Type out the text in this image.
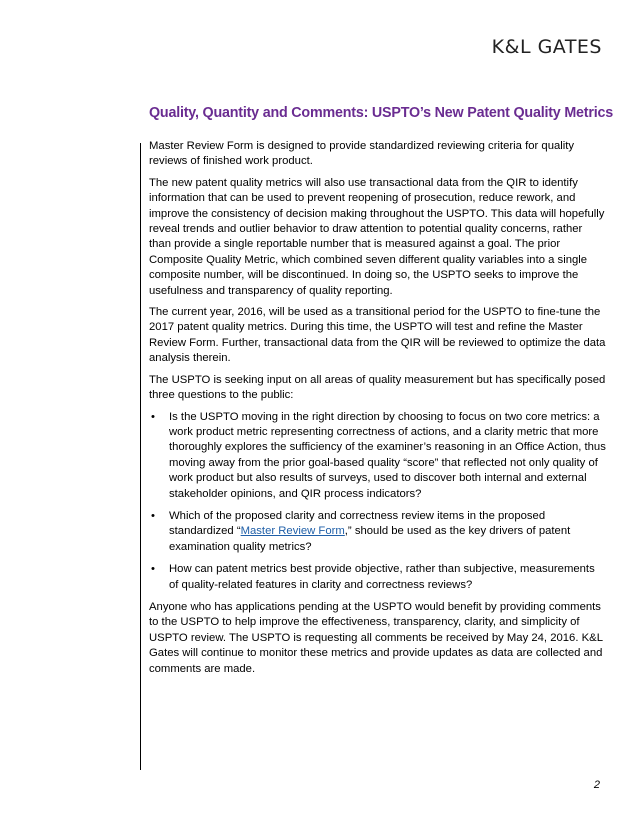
K&L GATES
Quality, Quantity and Comments: USPTO’s New Patent Quality Metrics

Master Review Form is designed to provide standardized reviewing criteria for quality reviews of finished work product.

The new patent quality metrics will also use transactional data from the QIR to identify information that can be used to prevent reopening of prosecution, reduce rework, and improve the consistency of decision making throughout the USPTO. This data will hopefully reveal trends and outlier behavior to draw attention to potential quality concerns, rather than provide a single reportable number that is measured against a goal. The prior Composite Quality Metric, which combined seven different quality variables into a single composite number, will be discontinued. In doing so, the USPTO seeks to improve the usefulness and transparency of quality reporting.

The current year, 2016, will be used as a transitional period for the USPTO to fine-tune the 2017 patent quality metrics. During this time, the USPTO will test and refine the Master Review Form. Further, transactional data from the QIR will be reviewed to optimize the data analysis therein.

The USPTO is seeking input on all areas of quality measurement but has specifically posed three questions to the public:

• Is the USPTO moving in the right direction by choosing to focus on two core metrics: a work product metric representing correctness of actions, and a clarity metric that more thoroughly explores the sufficiency of the examiner’s reasoning in an Office Action, thus moving away from the prior goal-based quality “score” that reflected not only quality of work product but also results of surveys, used to discover both internal and external stakeholder opinions, and QIR process indicators?
• Which of the proposed clarity and correctness review items in the proposed standardized “Master Review Form,” should be used as the key drivers of patent examination quality metrics?
• How can patent metrics best provide objective, rather than subjective, measurements of quality-related features in clarity and correctness reviews?

Anyone who has applications pending at the USPTO would benefit by providing comments to the USPTO to help improve the effectiveness, transparency, clarity, and simplicity of USPTO review. The USPTO is requesting all comments be received by May 24, 2016. K&L Gates will continue to monitor these metrics and provide updates as data are collected and comments are made.

2
